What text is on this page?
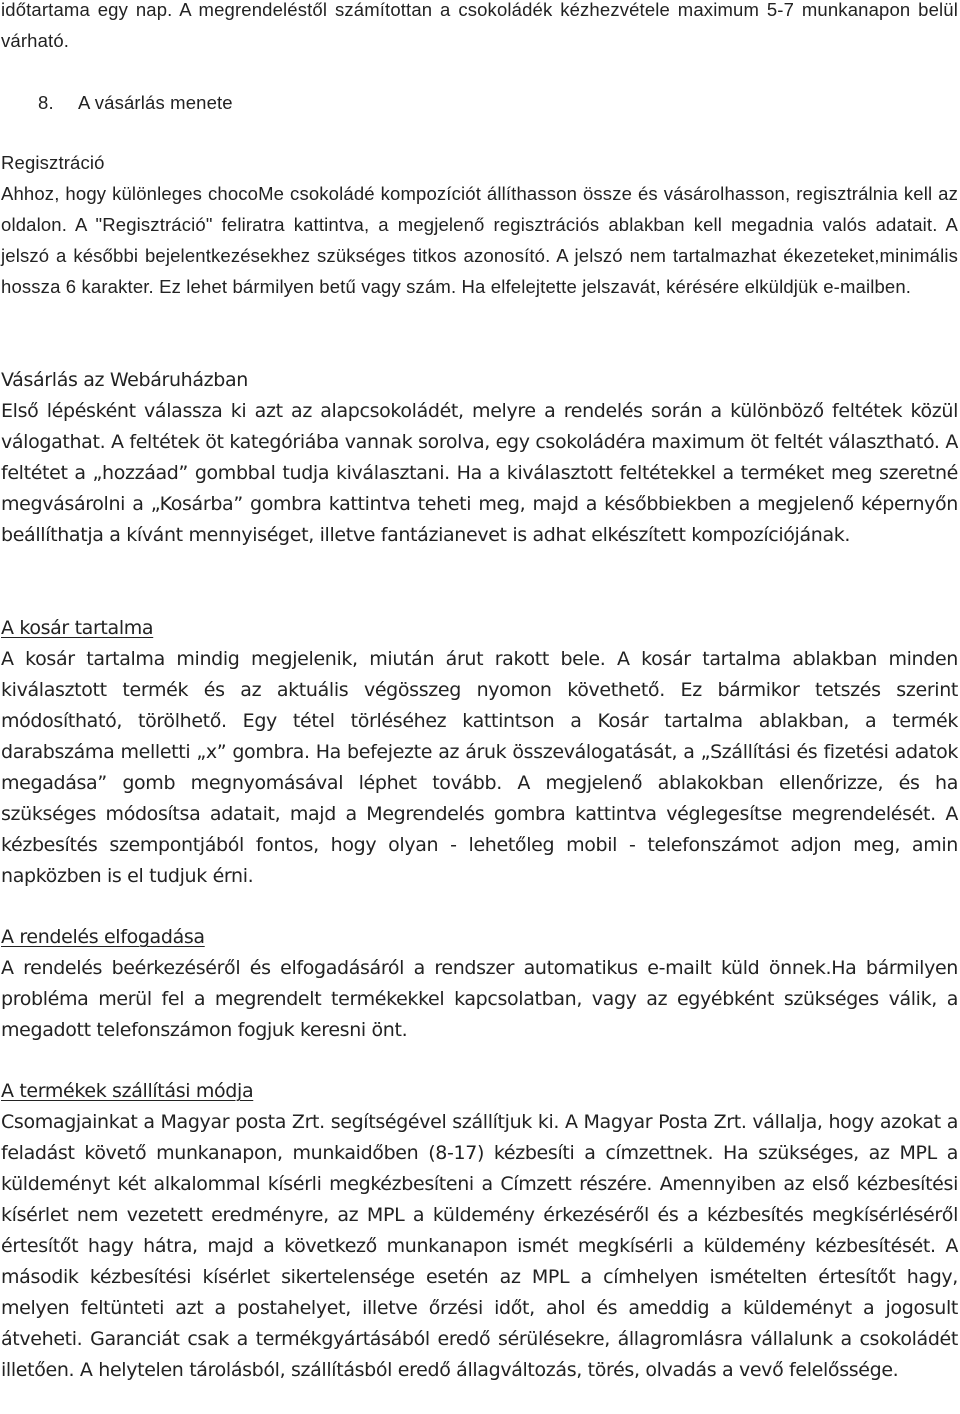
időtartama egy nap. A megrendeléstől számítottan a csokoládék kézhezvétele maximum 5-7 munkanapon belül várható.

8. A vásárlás menete
Regisztráció

Ahhoz, hogy különleges chocoMe csokoládé kompozíciót állíthasson össze és vásárolhasson, regisztrálnia kell az oldalon. A "Regisztráció" feliratra kattintva, a megjelenő regisztrációs ablakban kell megadnia valós adatait. A jelszó a későbbi bejelentkezésekhez szükséges titkos azonosító. A jelszó nem tartalmazhat ékezeteket,minimális hossza 6 karakter. Ez lehet bármilyen betű vagy szám. Ha elfelejtette jelszavát, kérésére elküldjük e-mailben.

Vásárlás az Webáruházban

Első lépésként válassza ki azt az alapcsokoládét, melyre a rendelés során a különböző feltétek közül válogathat. A feltétek öt kategóriába vannak sorolva, egy csokoládéra maximum öt feltét választható. A feltétet a „hozzáad” gombbal tudja kiválasztani. Ha a kiválasztott feltétekkel a terméket meg szeretné megvásárolni a „Kosárba” gombra kattintva teheti meg, majd a későbbiekben a megjelenő képernyőn beállíthatja a kívánt mennyiséget, illetve fantázianevet is adhat elkészített kompozíciójának.

A kosár tartalma

A kosár tartalma mindig megjelenik, miután árut rakott bele. A kosár tartalma ablakban minden kiválasztott termék és az aktuális végösszeg nyomon követhető. Ez bármikor tetszés szerint módosítható, törölhető. Egy tétel törléséhez kattintson a Kosár tartalma ablakban, a termék darabszáma melletti „x” gombra. Ha befejezte az áruk összeválogatását, a „Szállítási és fizetési adatok megadása” gomb megnyomásával léphet tovább. A megjelenő ablakokban ellenőrizze, és ha szükséges módosítsa adatait, majd a Megrendelés gombra kattintva véglegesítse megrendelését. A kézbesítés szempontjából fontos, hogy olyan - lehetőleg mobil - telefonszámot adjon meg, amin napközben is el tudjuk érni.

A rendelés elfogadása

A rendelés beérkezéséről és elfogadásáról a rendszer automatikus e-mailt küld önnek.Ha bármilyen probléma merül fel a megrendelt termékekkel kapcsolatban, vagy az egyébként szükséges válik, a megadott telefonszámon fogjuk keresni önt.

A termékek szállítási módja

Csomagjainkat a Magyar posta Zrt. segítségével szállítjuk ki. A Magyar Posta Zrt. vállalja, hogy azokat a feladást követő munkanapon, munkaidőben (8-17) kézbesíti a címzettnek. Ha szükséges, az MPL a küldeményt két alkalommal kísérli megkézbesíteni a Címzett részére. Amennyiben az első kézbesítési kísérlet nem vezetett eredményre, az MPL a küldemény érkezéséről és a kézbesítés megkísérléséről értesítőt hagy hátra, majd a következő munkanapon ismét megkísérli a küldemény kézbesítését. A második kézbesítési kísérlet sikertelensége esetén az MPL a címhelyen ismételten értesítőt hagy, melyen feltünteti azt a postahelyet, illetve őrzési időt, ahol és ameddig a küldeményt a jogosult átveheti. Garanciát csak a termékgyártásából eredő sérülésekre, állagromlásra vállalunk a csokoládét illetően. A helytelen tárolásból, szállításból eredő állagváltozás, törés, olvadás a vevő felelőssége.
